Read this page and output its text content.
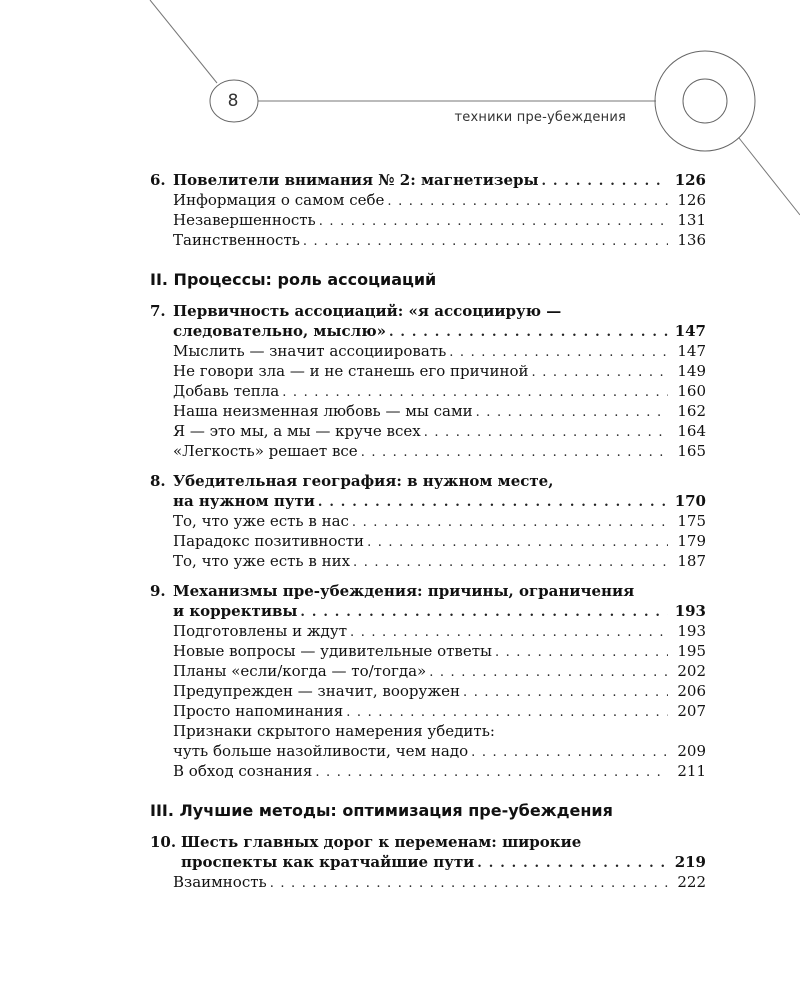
8
техники пре-убеждения
6. Повелители внимания № 2: магнетизеры . . .	126
Информация о самом себе . . .	126
Незавершенность . . .	131
Таинственность . . .	136
II. Процессы: роль ассоциаций
7. Первичность ассоциаций: «я ассоциирую —
следовательно, мыслю» . . .	147
Мыслить — значит ассоциировать . . .	147
Не говори зла — и не станешь его причиной . . .	149
Добавь тепла . . .	160
Наша неизменная любовь — мы сами . . .	162
Я — это мы, а мы — круче всех . . .	164
«Легкость» решает все . . .	165
8. Убедительная география: в нужном месте,
на нужном пути . . .	170
То, что уже есть в нас . . .	175
Парадокс позитивности . . .	179
То, что уже есть в них . . .	187
9. Механизмы пре-убеждения: причины, ограничения
и коррективы . . .	193
Подготовлены и ждут . . .	193
Новые вопросы — удивительные ответы . . .	195
Планы «если/когда — то/тогда» . . .	202
Предупрежден — значит, вооружен . . .	206
Просто напоминания . . .	207
Признаки скрытого намерения убедить:
чуть больше назойливости, чем надо . . .	209
В обход сознания . . .	211
III. Лучшие методы: оптимизация пре-убеждения
10. Шесть главных дорог к переменам: широкие
проспекты как кратчайшие пути . . .	219
Взаимность . . .	222
